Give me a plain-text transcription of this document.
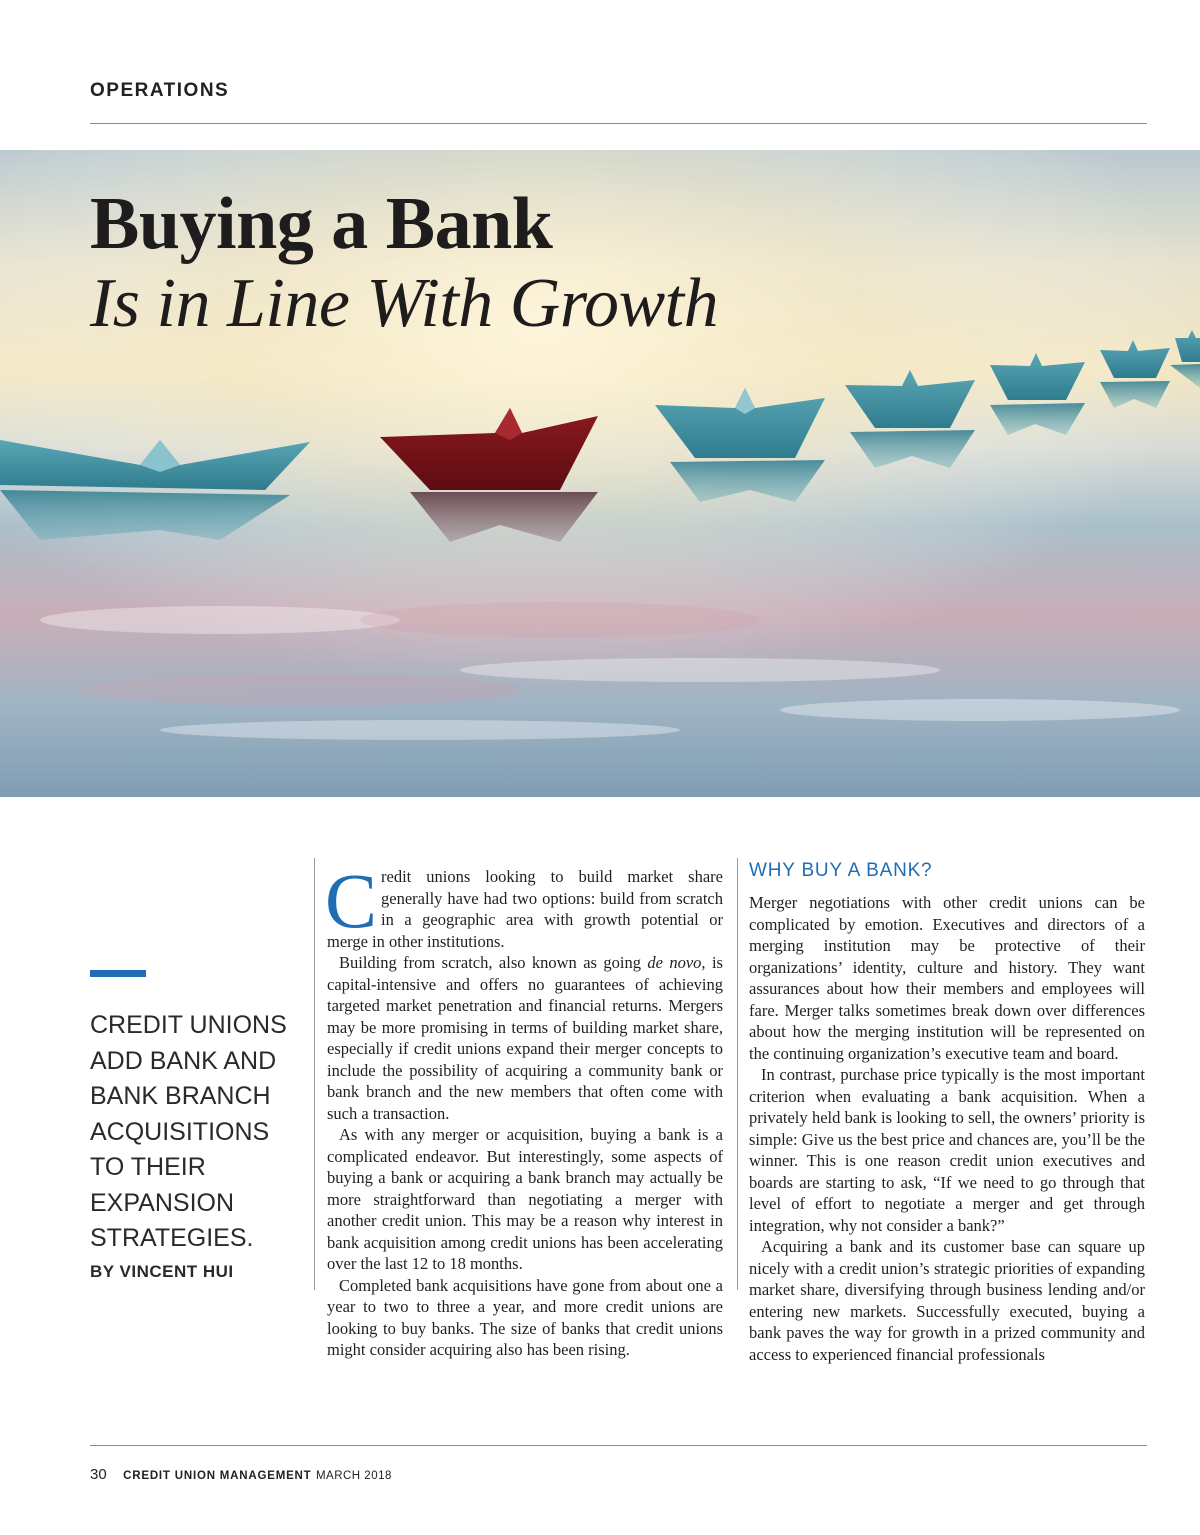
OPERATIONS
Buying a Bank
Is in Line With Growth

CREDIT UNIONS ADD BANK AND BANK BRANCH ACQUISITIONS TO THEIR EXPANSION STRATEGIES.

BY VINCENT HUI

Credit unions looking to build market share generally have had two options: build from scratch in a geographic area with growth potential or merge in other institutions.

Building from scratch, also known as going de novo, is capital-intensive and offers no guarantees of achieving targeted market penetration and financial returns. Mergers may be more promising in terms of building market share, especially if credit unions expand their merger concepts to include the possibility of acquiring a community bank or bank branch and the new members that often come with such a transaction.

As with any merger or acquisition, buying a bank is a complicated endeavor. But interestingly, some aspects of buying a bank or acquiring a bank branch may actually be more straightforward than negotiating a merger with another credit union. This may be a reason why interest in bank acquisition among credit unions has been accelerating over the last 12 to 18 months.

Completed bank acquisitions have gone from about one a year to two to three a year, and more credit unions are looking to buy banks. The size of banks that credit unions might consider acquiring also has been rising.

WHY BUY A BANK?

Merger negotiations with other credit unions can be complicated by emotion. Executives and directors of a merging institution may be protective of their organizations’ identity, culture and history. They want assurances about how their members and employees will fare. Merger talks sometimes break down over differences about how the merging institution will be represented on the continuing organization’s executive team and board.

In contrast, purchase price typically is the most important criterion when evaluating a bank acquisition. When a privately held bank is looking to sell, the owners’ priority is simple: Give us the best price and chances are, you’ll be the winner. This is one reason credit union executives and boards are starting to ask, “If we need to go through that level of effort to negotiate a merger and get through integration, why not consider a bank?”

Acquiring a bank and its customer base can square up nicely with a credit union’s strategic priorities of expanding market share, diversifying through business lending and/or entering new markets. Successfully executed, buying a bank paves the way for growth in a prized community and access to experienced financial professionals

30 CREDIT UNION MANAGEMENT MARCH 2018
